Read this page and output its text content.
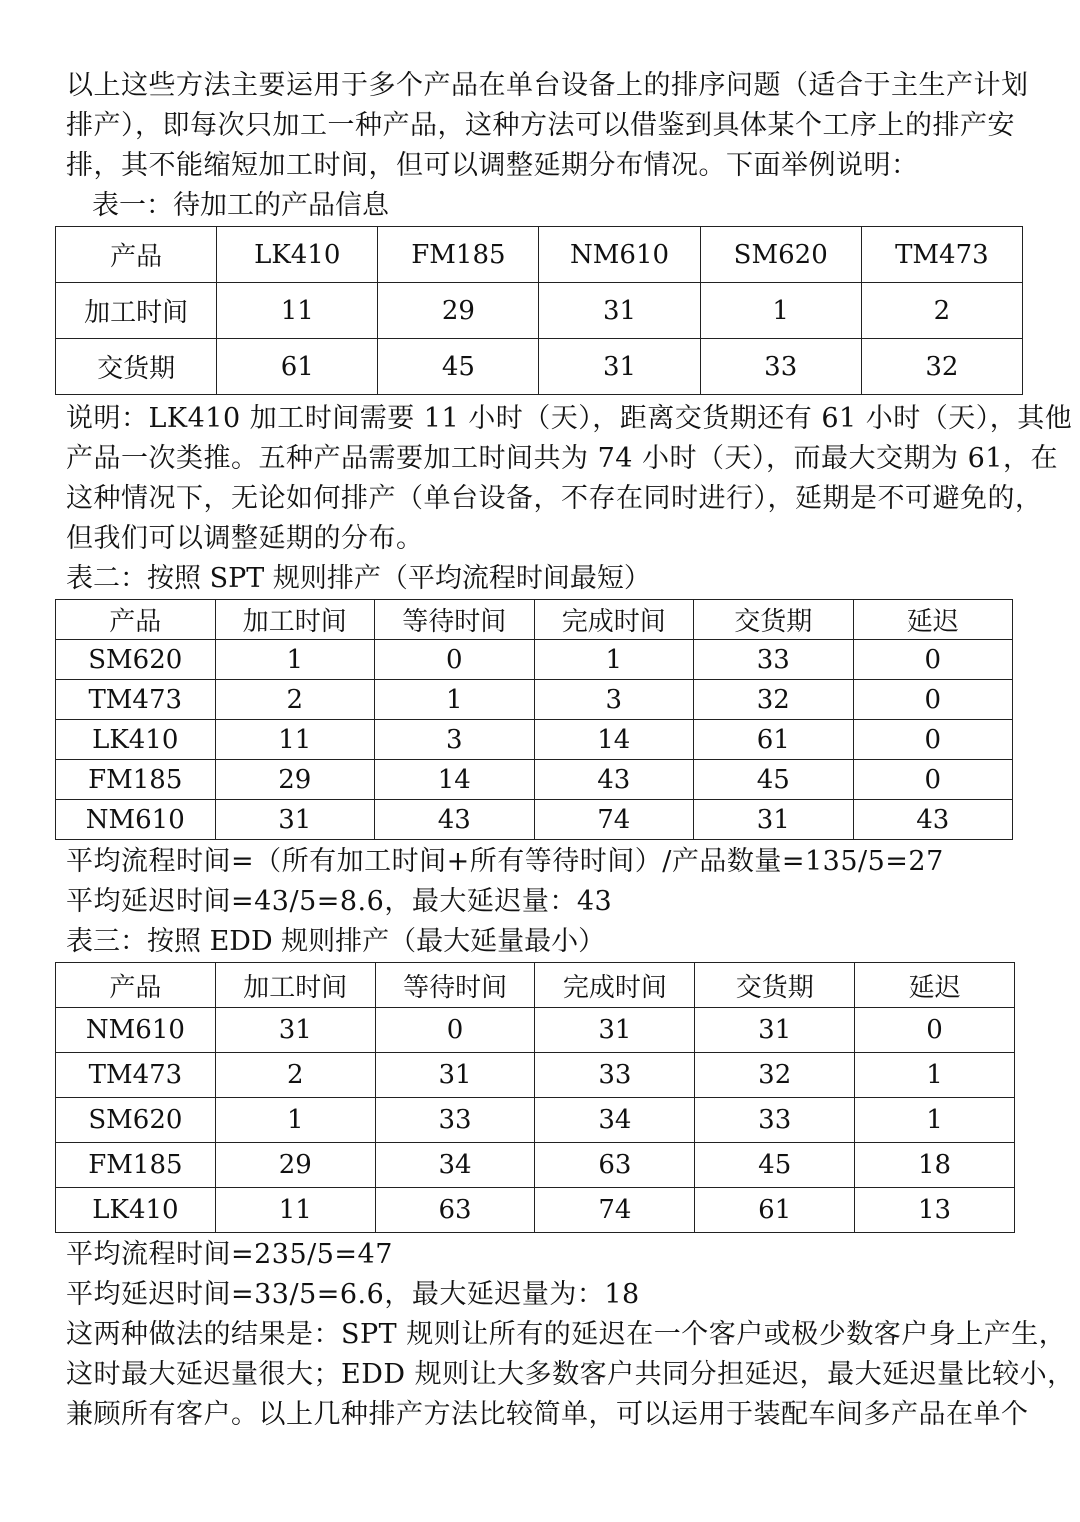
以上这些方法主要运用于多个产品在单台设备上的排序问题（适合于主生产计划

排产），即每次只加工一种产品，这种方法可以借鉴到具体某个工序上的排产安

排，其不能缩短加工时间，但可以调整延期分布情况。下面举例说明：

表一：待加工的产品信息

产品	LK410	FM185	NM610	SM620	TM473
加工时间	11	29	31	1	2
交货期	61	45	31	33	32

说明：LK410 加工时间需要 11 小时（天），距离交货期还有 61 小时（天），其他

产品一次类推。五种产品需要加工时间共为 74 小时（天），而最大交期为 61，在

这种情况下，无论如何排产（单台设备，不存在同时进行），延期是不可避免的，

但我们可以调整延期的分布。

表二：按照 SPT 规则排产（平均流程时间最短）

产品	加工时间	等待时间	完成时间	交货期	延迟
SM620	1	0	1	33	0
TM473	2	1	3	32	0
LK410	11	3	14	61	0
FM185	29	14	43	45	0
NM610	31	43	74	31	43

平均流程时间=（所有加工时间+所有等待时间）/产品数量=135/5=27

平均延迟时间=43/5=8.6，最大延迟量：43

表三：按照 EDD 规则排产（最大延量最小）

产品	加工时间	等待时间	完成时间	交货期	延迟
NM610	31	0	31	31	0
TM473	2	31	33	32	1
SM620	1	33	34	33	1
FM185	29	34	63	45	18
LK410	11	63	74	61	13

平均流程时间=235/5=47

平均延迟时间=33/5=6.6，最大延迟量为：18

这两种做法的结果是：SPT 规则让所有的延迟在一个客户或极少数客户身上产生，

这时最大延迟量很大；EDD 规则让大多数客户共同分担延迟，最大延迟量比较小，

兼顾所有客户。以上几种排产方法比较简单，可以运用于装配车间多产品在单个
